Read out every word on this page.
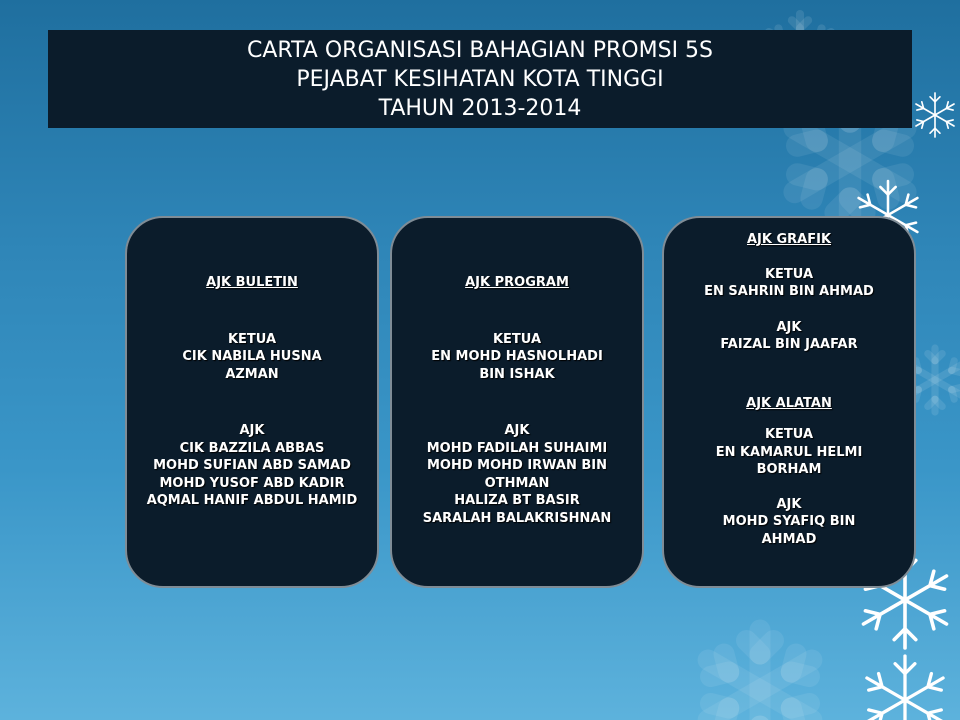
CARTA ORGANISASI BAHAGIAN PROMSI 5S
PEJABAT KESIHATAN KOTA TINGGI
TAHUN 2013-2014
AJK BULETIN
KETUA
CIK NABILA HUSNA
AZMAN
AJK
CIK BAZZILA ABBAS
MOHD SUFIAN ABD SAMAD
MOHD YUSOF ABD KADIR
AQMAL HANIF ABDUL HAMID
AJK PROGRAM
KETUA
EN MOHD HASNOLHADI
BIN ISHAK
AJK
MOHD FADILAH SUHAIMI
MOHD MOHD IRWAN BIN OTHMAN
HALIZA BT BASIR
SARALAH BALAKRISHNAN
AJK GRAFIK
KETUA
EN SAHRIN BIN AHMAD
AJK
FAIZAL BIN JAAFAR
AJK ALATAN
KETUA
EN KAMARUL HELMI
BORHAM
AJK
MOHD SYAFIQ BIN
AHMAD
